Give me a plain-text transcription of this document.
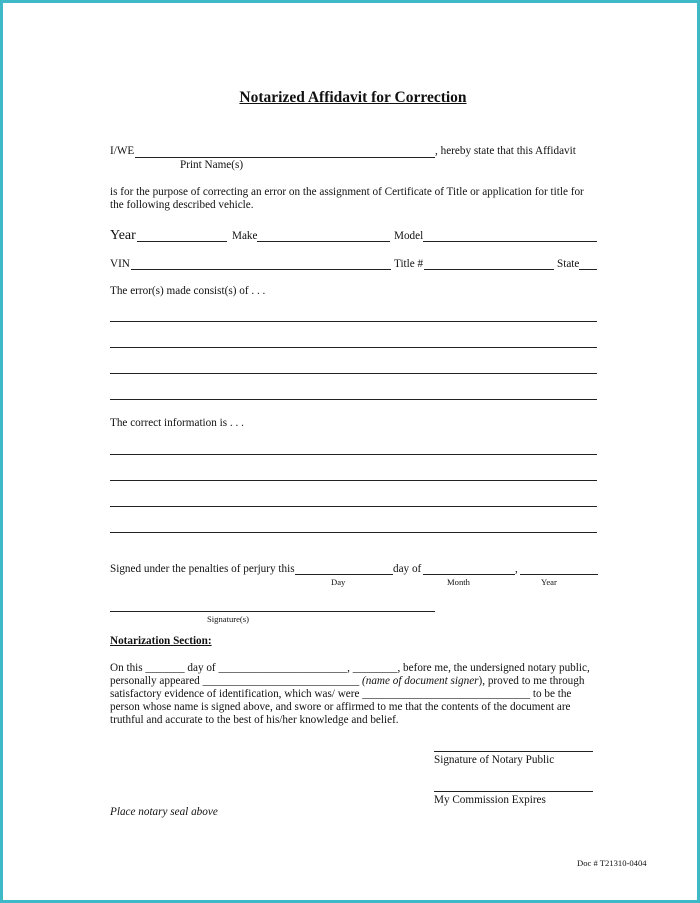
Notarized Affidavit for Correction
I/WE	, hereby state that this Affidavit
Print Name(s)
is for the purpose of correcting an error on the assignment of Certificate of Title or application for title for
the following described vehicle.
Year	Make	Model
VIN	Title #	State
The error(s) made consist(s) of . . .
The correct information is . . .
Signed under the penalties of perjury this	day of	,
Day	Month	Year
Signature(s)
Notarization Section:
On this _______ day of _______________________, ________, before me, the undersigned notary public,
personally appeared ____________________________ (name of document signer), proved to me through
satisfactory evidence of identification, which was/ were ______________________________ to be the
person whose name is signed above, and swore or affirmed to me that the contents of the document are
truthful and accurate to the best of his/her knowledge and belief.
Signature of Notary Public
My Commission Expires
Place notary seal above
Doc # T21310-0404
